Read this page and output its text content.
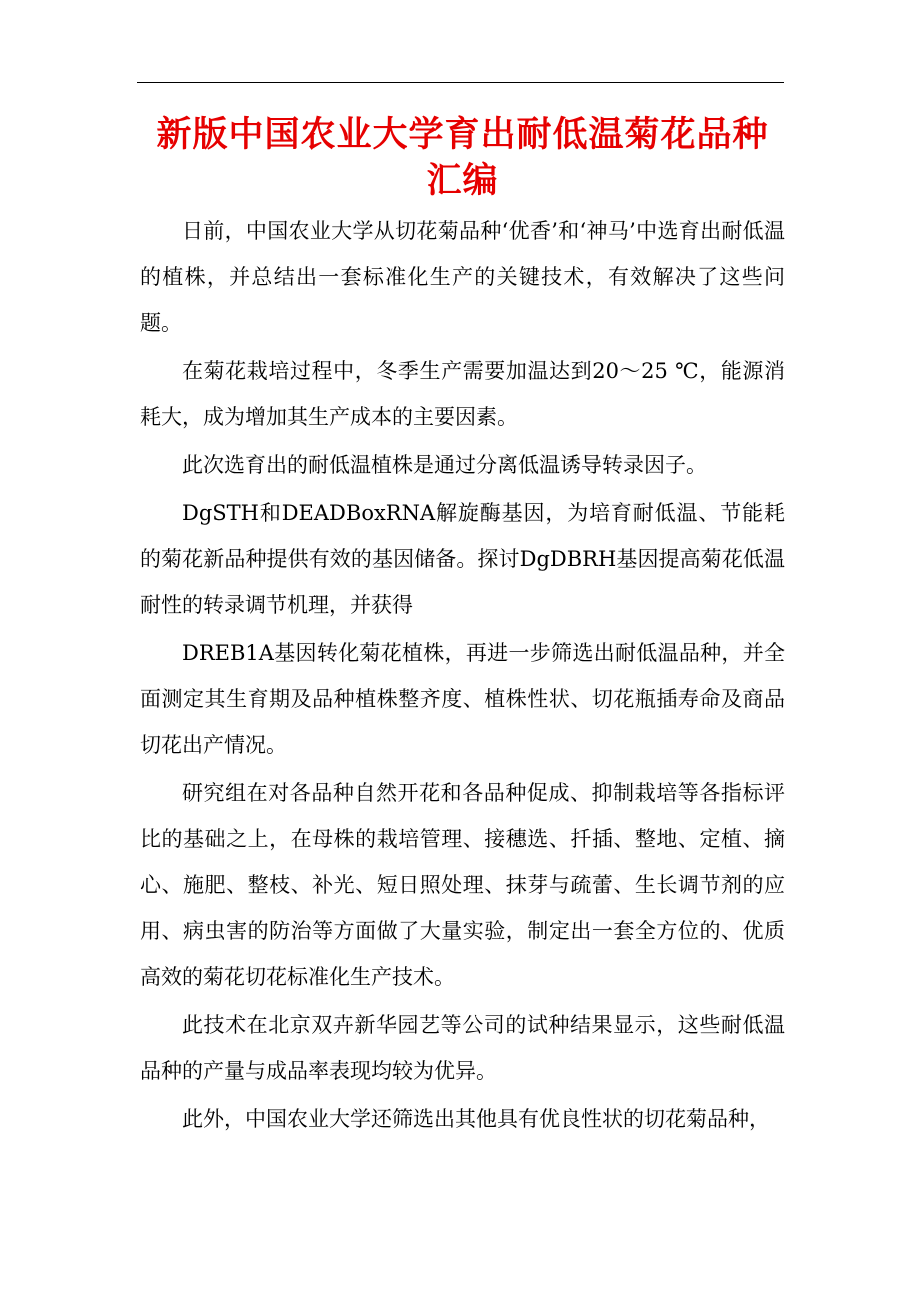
新版中国农业大学育出耐低温菊花品种汇编

日前，中国农业大学从切花菊品种‘优香’和‘神马’中选育出耐低温的植株，并总结出一套标准化生产的关键技术，有效解决了这些问题。

在菊花栽培过程中，冬季生产需要加温达到20～25 ℃，能源消耗大，成为增加其生产成本的主要因素。

此次选育出的耐低温植株是通过分离低温诱导转录因子。

DgSTH和DEADBoxRNA解旋酶基因，为培育耐低温、节能耗的菊花新品种提供有效的基因储备。探讨DgDBRH基因提高菊花低温耐性的转录调节机理，并获得

DREB1A基因转化菊花植株，再进一步筛选出耐低温品种，并全面测定其生育期及品种植株整齐度、植株性状、切花瓶插寿命及商品切花出产情况。

研究组在对各品种自然开花和各品种促成、抑制栽培等各指标评比的基础之上，在母株的栽培管理、接穗选、扦插、整地、定植、摘心、施肥、整枝、补光、短日照处理、抹芽与疏蕾、生长调节剂的应用、病虫害的防治等方面做了大量实验，制定出一套全方位的、优质高效的菊花切花标准化生产技术。

此技术在北京双卉新华园艺等公司的试种结果显示，这些耐低温品种的产量与成品率表现均较为优异。

此外，中国农业大学还筛选出其他具有优良性状的切花菊品种，
